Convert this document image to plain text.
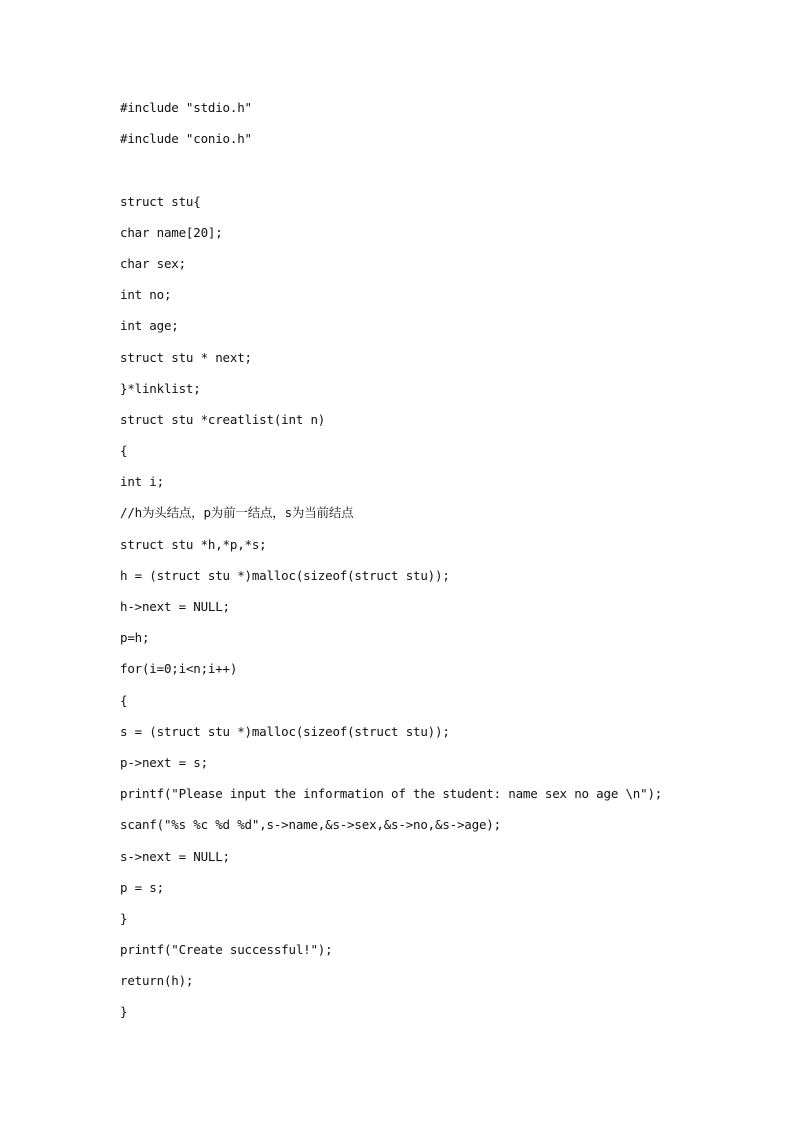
#include "stdio.h"
#include "conio.h"
struct stu{
char name[20];
char sex;
int no;
int age;
struct stu * next;
}*linklist;
struct stu *creatlist(int n)
{
int i;
//h为头结点，p为前一结点，s为当前结点
struct stu *h,*p,*s;
h = (struct stu *)malloc(sizeof(struct stu));
h->next = NULL;
p=h;
for(i=0;i<n;i++)
{
s = (struct stu *)malloc(sizeof(struct stu));
p->next = s;
printf("Please input the information of the student: name sex no age \n");
scanf("%s %c %d %d",s->name,&s->sex,&s->no,&s->age);
s->next = NULL;
p = s;
}
printf("Create successful!");
return(h);
}
